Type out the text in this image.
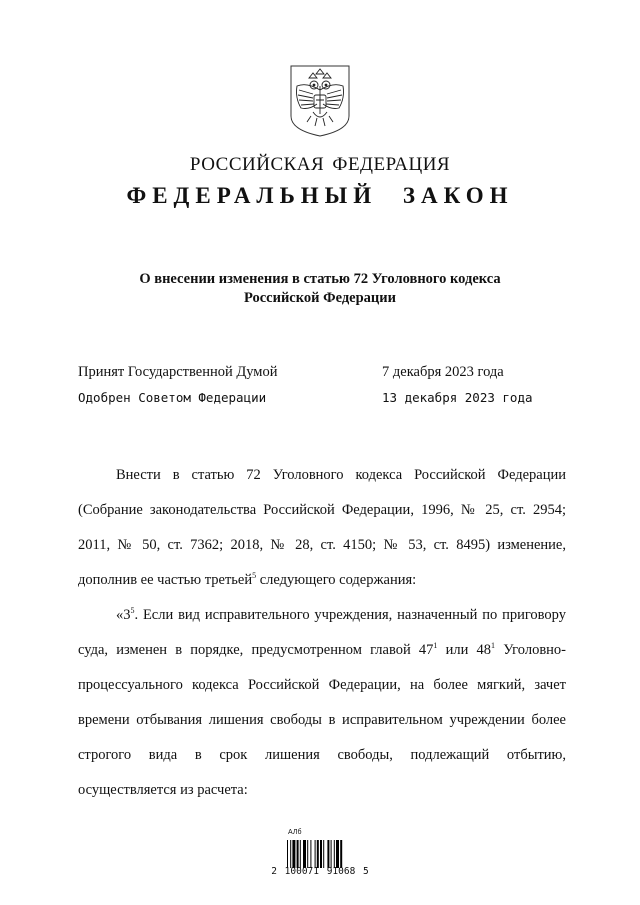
РОССИЙСКАЯ ФЕДЕРАЦИЯ
ФЕДЕРАЛЬНЫЙ ЗАКОН
О внесении изменения в статью 72 Уголовного кодекса
Российской Федерации
Принят Государственной Думой	7 декабря 2023 года
Одобрен Советом Федерации	13 декабря 2023 года

Внести в статью 72 Уголовного кодекса Российской Федерации (Собрание законодательства Российской Федерации, 1996, № 25, ст. 2954; 2011, № 50, ст. 7362; 2018, № 28, ст. 4150; № 53, ст. 8495) изменение, дополнив ее частью третьей$^5$ следующего содержания:

«$3^5$. Если вид исправительного учреждения, назначенный по приговору суда, изменен в порядке, предусмотренном главой $47^1$ или $48^1$ Уголовно-процессуального кодекса Российской Федерации, на более мягкий, зачет времени отбывания лишения свободы в исправительном учреждении более строгого вида в срок лишения свободы, подлежащий отбытию, осуществляется из расчета:

АЛб
2 100071 91068 5
